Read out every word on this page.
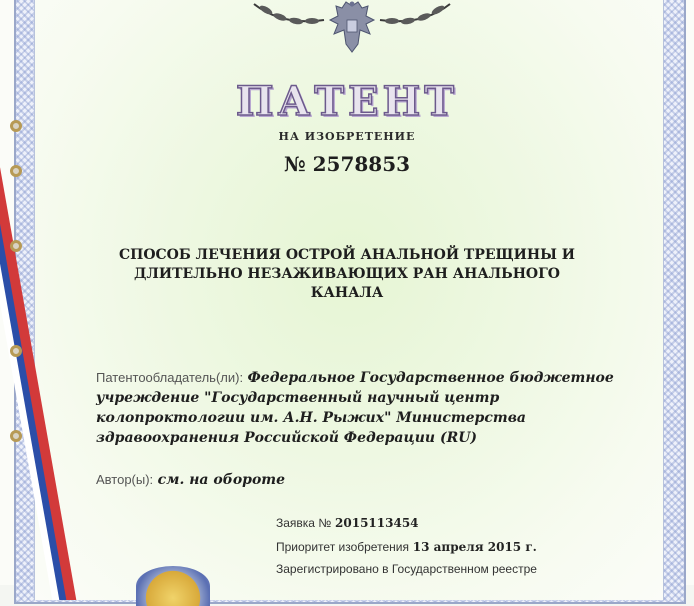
ПАТЕНТ
НА ИЗОБРЕТЕНИЕ
№ 2578853
СПОСОБ ЛЕЧЕНИЯ ОСТРОЙ АНАЛЬНОЙ ТРЕЩИНЫ И
ДЛИТЕЛЬНО НЕЗАЖИВАЮЩИХ РАН АНАЛЬНОГО
КАНАЛА
Патентообладатель(ли): Федеральное Государственное бюджетное учреждение "Государственный научный центр колопроктологии им. А.Н. Рыжих" Министерства здравоохранения Российской Федерации (RU)
Автор(ы): см. на обороте
Заявка № 2015113454
Приоритет изобретения 13 апреля 2015 г.
Зарегистрировано в Государственном реестре
